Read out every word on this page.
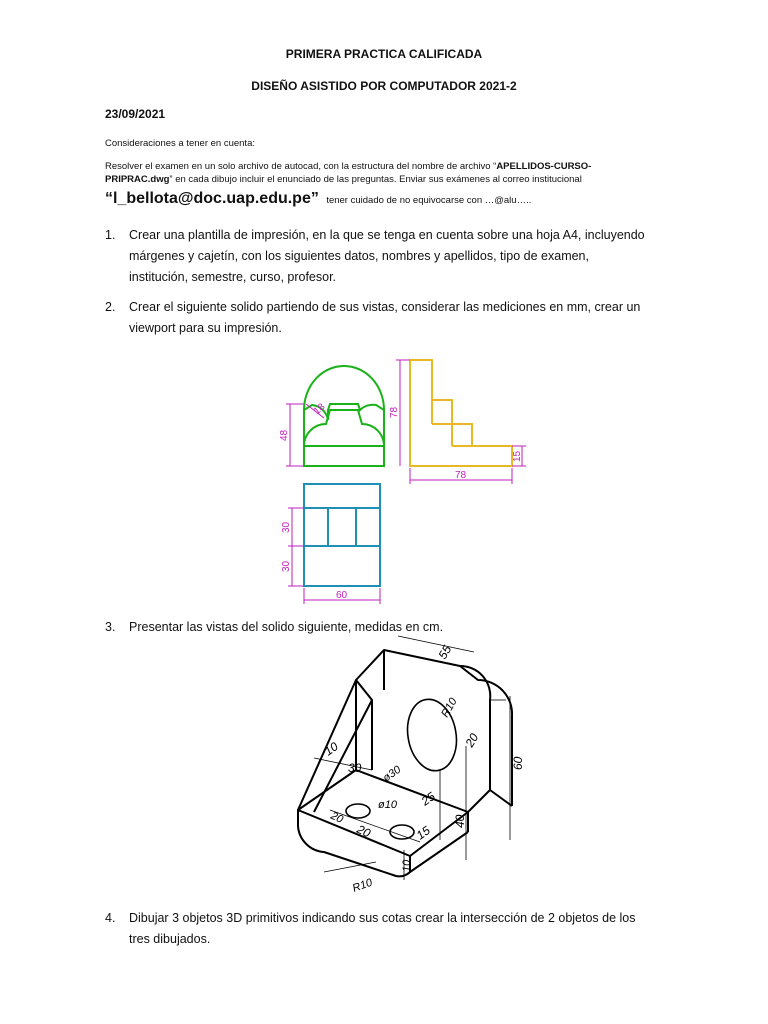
PRIMERA PRACTICA CALIFICADA
DISEÑO ASISTIDO POR COMPUTADOR 2021-2
23/09/2021
Consideraciones a tener en cuenta:
Resolver el examen en un solo archivo de autocad, con la estructura del nombre de archivo “APELLIDOS-CURSO-PRIPRAC.dwg” en cada dibujo incluir el enunciado de las preguntas. Enviar sus exámenes al correo institucional
“l_bellota@doc.uap.edu.pe” tener cuidado de no equivocarse con …@alu…..
1. Crear una plantilla de impresión, en la que se tenga en cuenta sobre una hoja A4, incluyendo márgenes y cajetín, con los siguientes datos, nombres y apellidos, tipo de examen, institución, semestre, curso, profesor.
2. Crear el siguiente solido partiendo de sus vistas, considerar las mediciones en mm, crear un viewport para su impresión.
18
48
78
78
15
30
30
60
3. Presentar las vistas del solido siguiente, medidas en cm.
55
R10
20
60
10
30 ø30
25
ø10
40
20
20	15
10
R10
4. Dibujar 3 objetos 3D primitivos indicando sus cotas crear la intersección de 2 objetos de los tres dibujados.
